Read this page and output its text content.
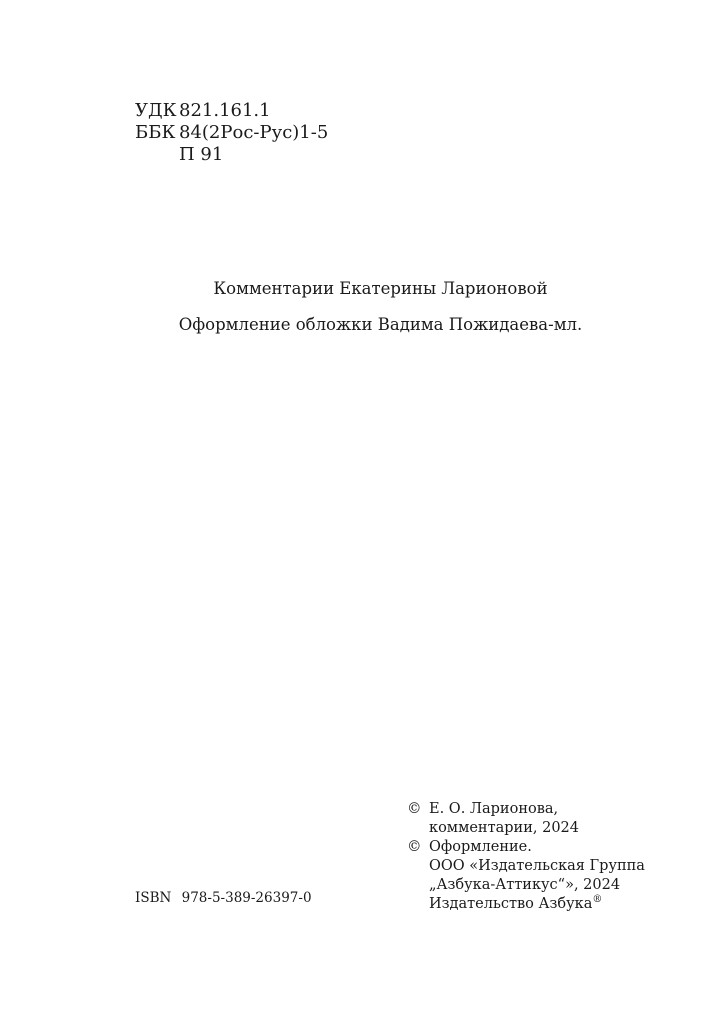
УДК 821.161.1
ББК 84(2Рос-Рус)1-5
П 91

Комментарии Екатерины Ларионовой

Оформление обложки Вадима Пожидаева-мл.

© Е. О. Ларионова,
комментарии, 2024
© Оформление.
ООО «Издательская Группа
„Азбука-Аттикус“», 2024
Издательство Азбука®
ISBN 978-5-389-26397-0
